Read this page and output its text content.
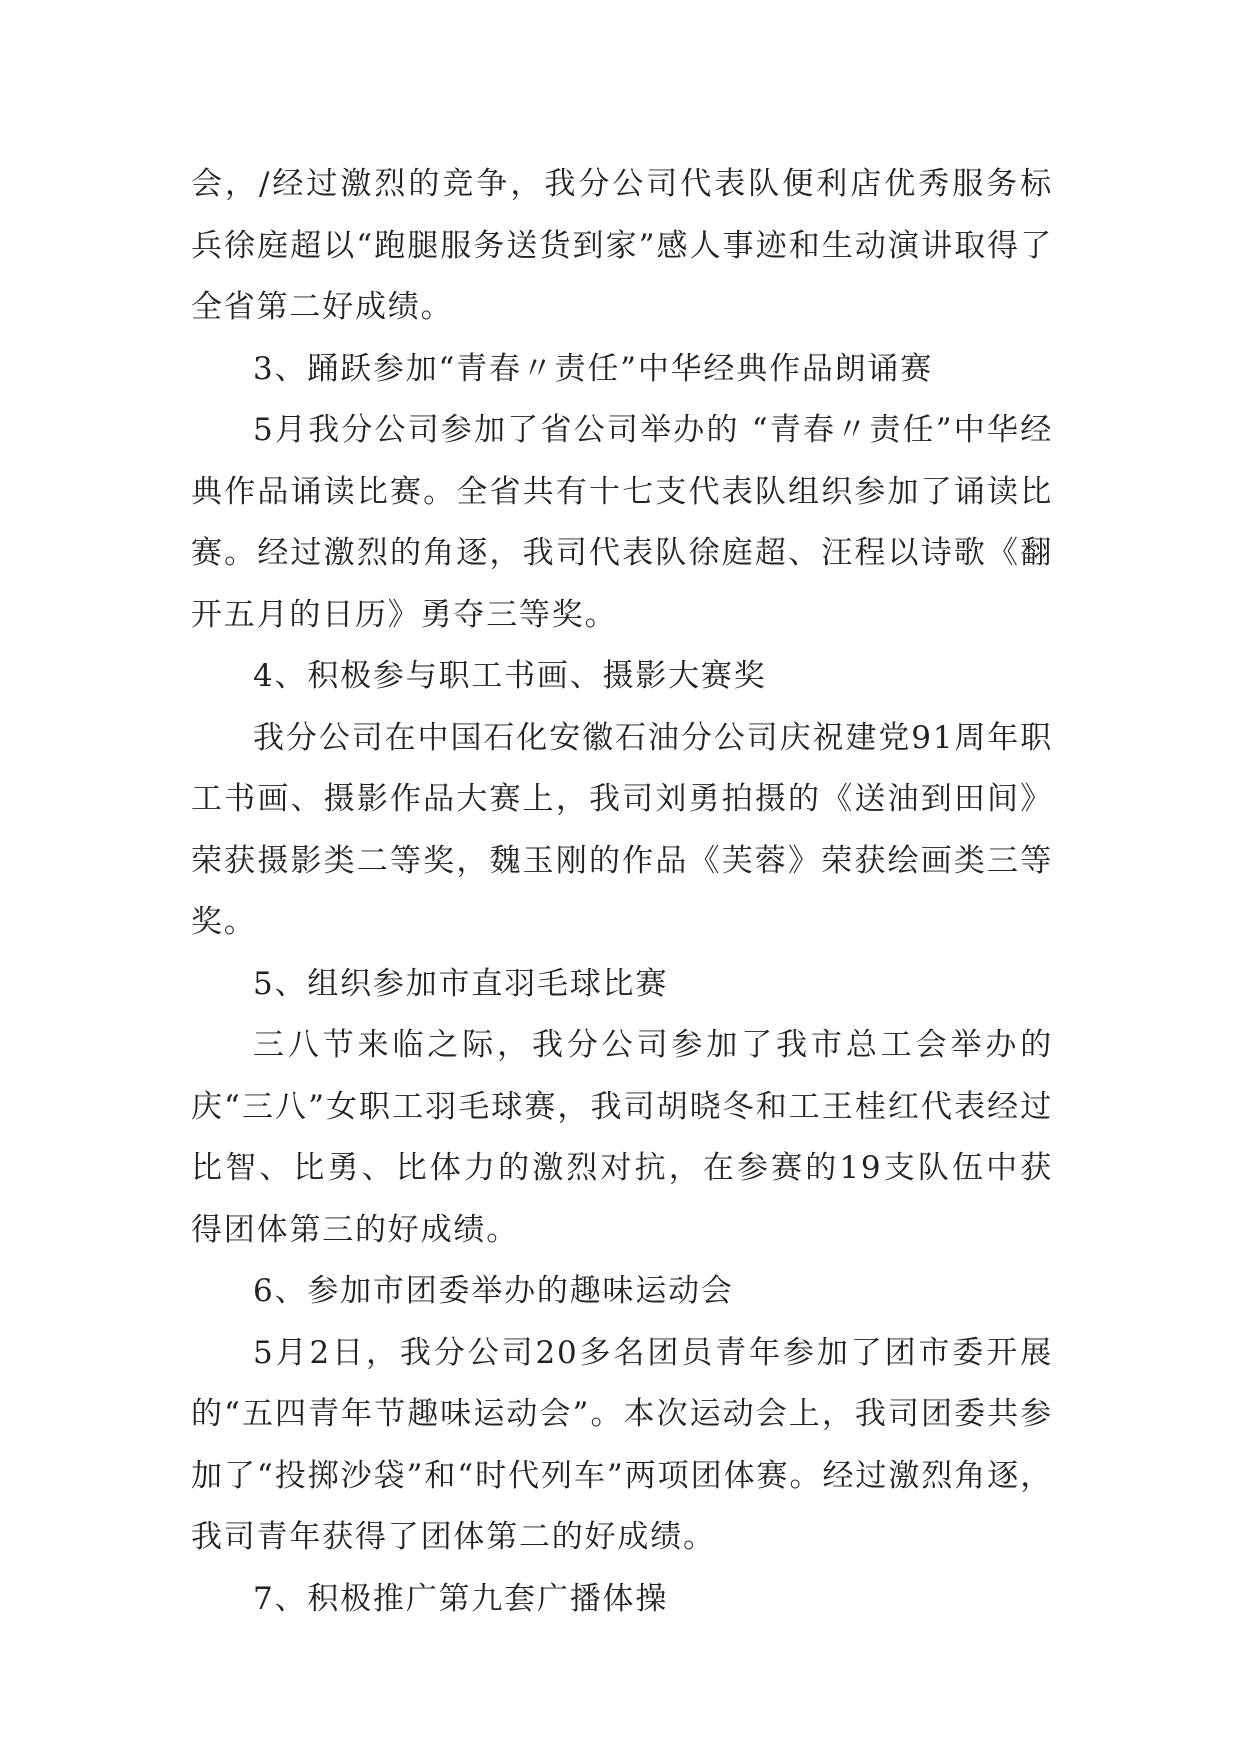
会，/经过激烈的竞争，我分公司代表队便利店优秀服务标兵徐庭超以“跑腿服务送货到家”感人事迹和生动演讲取得了全省第二好成绩。

3、踊跃参加“青春〃责任”中华经典作品朗诵赛

5月我分公司参加了省公司举办的 “青春〃责任”中华经典作品诵读比赛。全省共有十七支代表队组织参加了诵读比赛。经过激烈的角逐，我司代表队徐庭超、汪程以诗歌《翻开五月的日历》勇夺三等奖。

4、积极参与职工书画、摄影大赛奖

我分公司在中国石化安徽石油分公司庆祝建党91周年职工书画、摄影作品大赛上，我司刘勇拍摄的《送油到田间》荣获摄影类二等奖，魏玉刚的作品《芙蓉》荣获绘画类三等奖。

5、组织参加市直羽毛球比赛

三八节来临之际，我分公司参加了我市总工会举办的庆“三八”女职工羽毛球赛，我司胡晓冬和工王桂红代表经过比智、比勇、比体力的激烈对抗，在参赛的19支队伍中获得团体第三的好成绩。

6、参加市团委举办的趣味运动会

5月2日，我分公司20多名团员青年参加了团市委开展的“五四青年节趣味运动会”。本次运动会上，我司团委共参加了“投掷沙袋”和“时代列车”两项团体赛。经过激烈角逐，我司青年获得了团体第二的好成绩。

7、积极推广第九套广播体操
